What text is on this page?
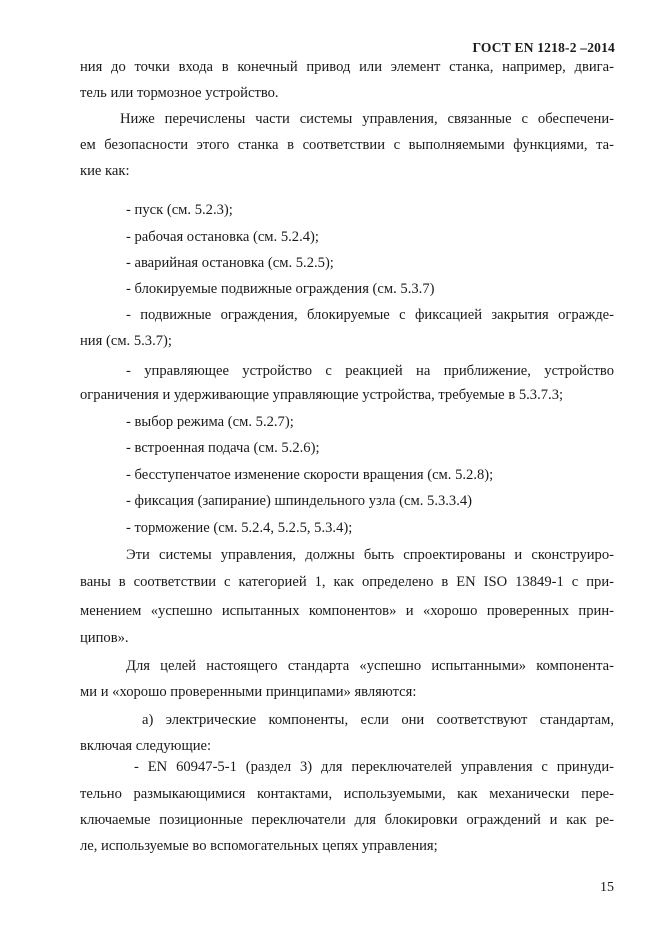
ГОСТ EN 1218-2 –2014
ния до точки входа в конечный привод или элемент станка, например, двига-
тель или тормозное устройство.
Ниже перечислены части системы управления, связанные с обеспечени-
ем безопасности этого станка в соответствии с выполняемыми функциями, та-
кие как:
- пуск (см. 5.2.3);
- рабочая остановка (см. 5.2.4);
- аварийная остановка (см. 5.2.5);
- блокируемые подвижные ограждения (см. 5.3.7)
- подвижные ограждения, блокируемые с фиксацией закрытия огражде-
ния (см. 5.3.7);
- управляющее устройство с реакцией на приближение, устройство
ограничения и удерживающие управляющие устройства, требуемые в 5.3.7.3;
- выбор режима (см. 5.2.7);
- встроенная подача (см. 5.2.6);
- бесступенчатое изменение скорости вращения (см. 5.2.8);
- фиксация (запирание) шпиндельного узла (см. 5.3.3.4)
- торможение (см. 5.2.4, 5.2.5, 5.3.4);
Эти системы управления, должны быть спроектированы и сконструиро-
ваны в соответствии с категорией 1, как определено в EN ISO 13849-1 с при-
менением «успешно испытанных компонентов» и «хорошо проверенных прин-
ципов».
Для целей настоящего стандарта «успешно испытанными» компонента-
ми и «хорошо проверенными принципами» являются:
а) электрические компоненты, если они соответствуют стандартам,
включая следующие:
- EN 60947-5-1 (раздел 3) для переключателей управления с принуди-
тельно размыкающимися контактами, используемыми, как механически пере-
ключаемые позиционные переключатели для блокировки ограждений и как ре-
ле, используемые во вспомогательных цепях управления;
15
